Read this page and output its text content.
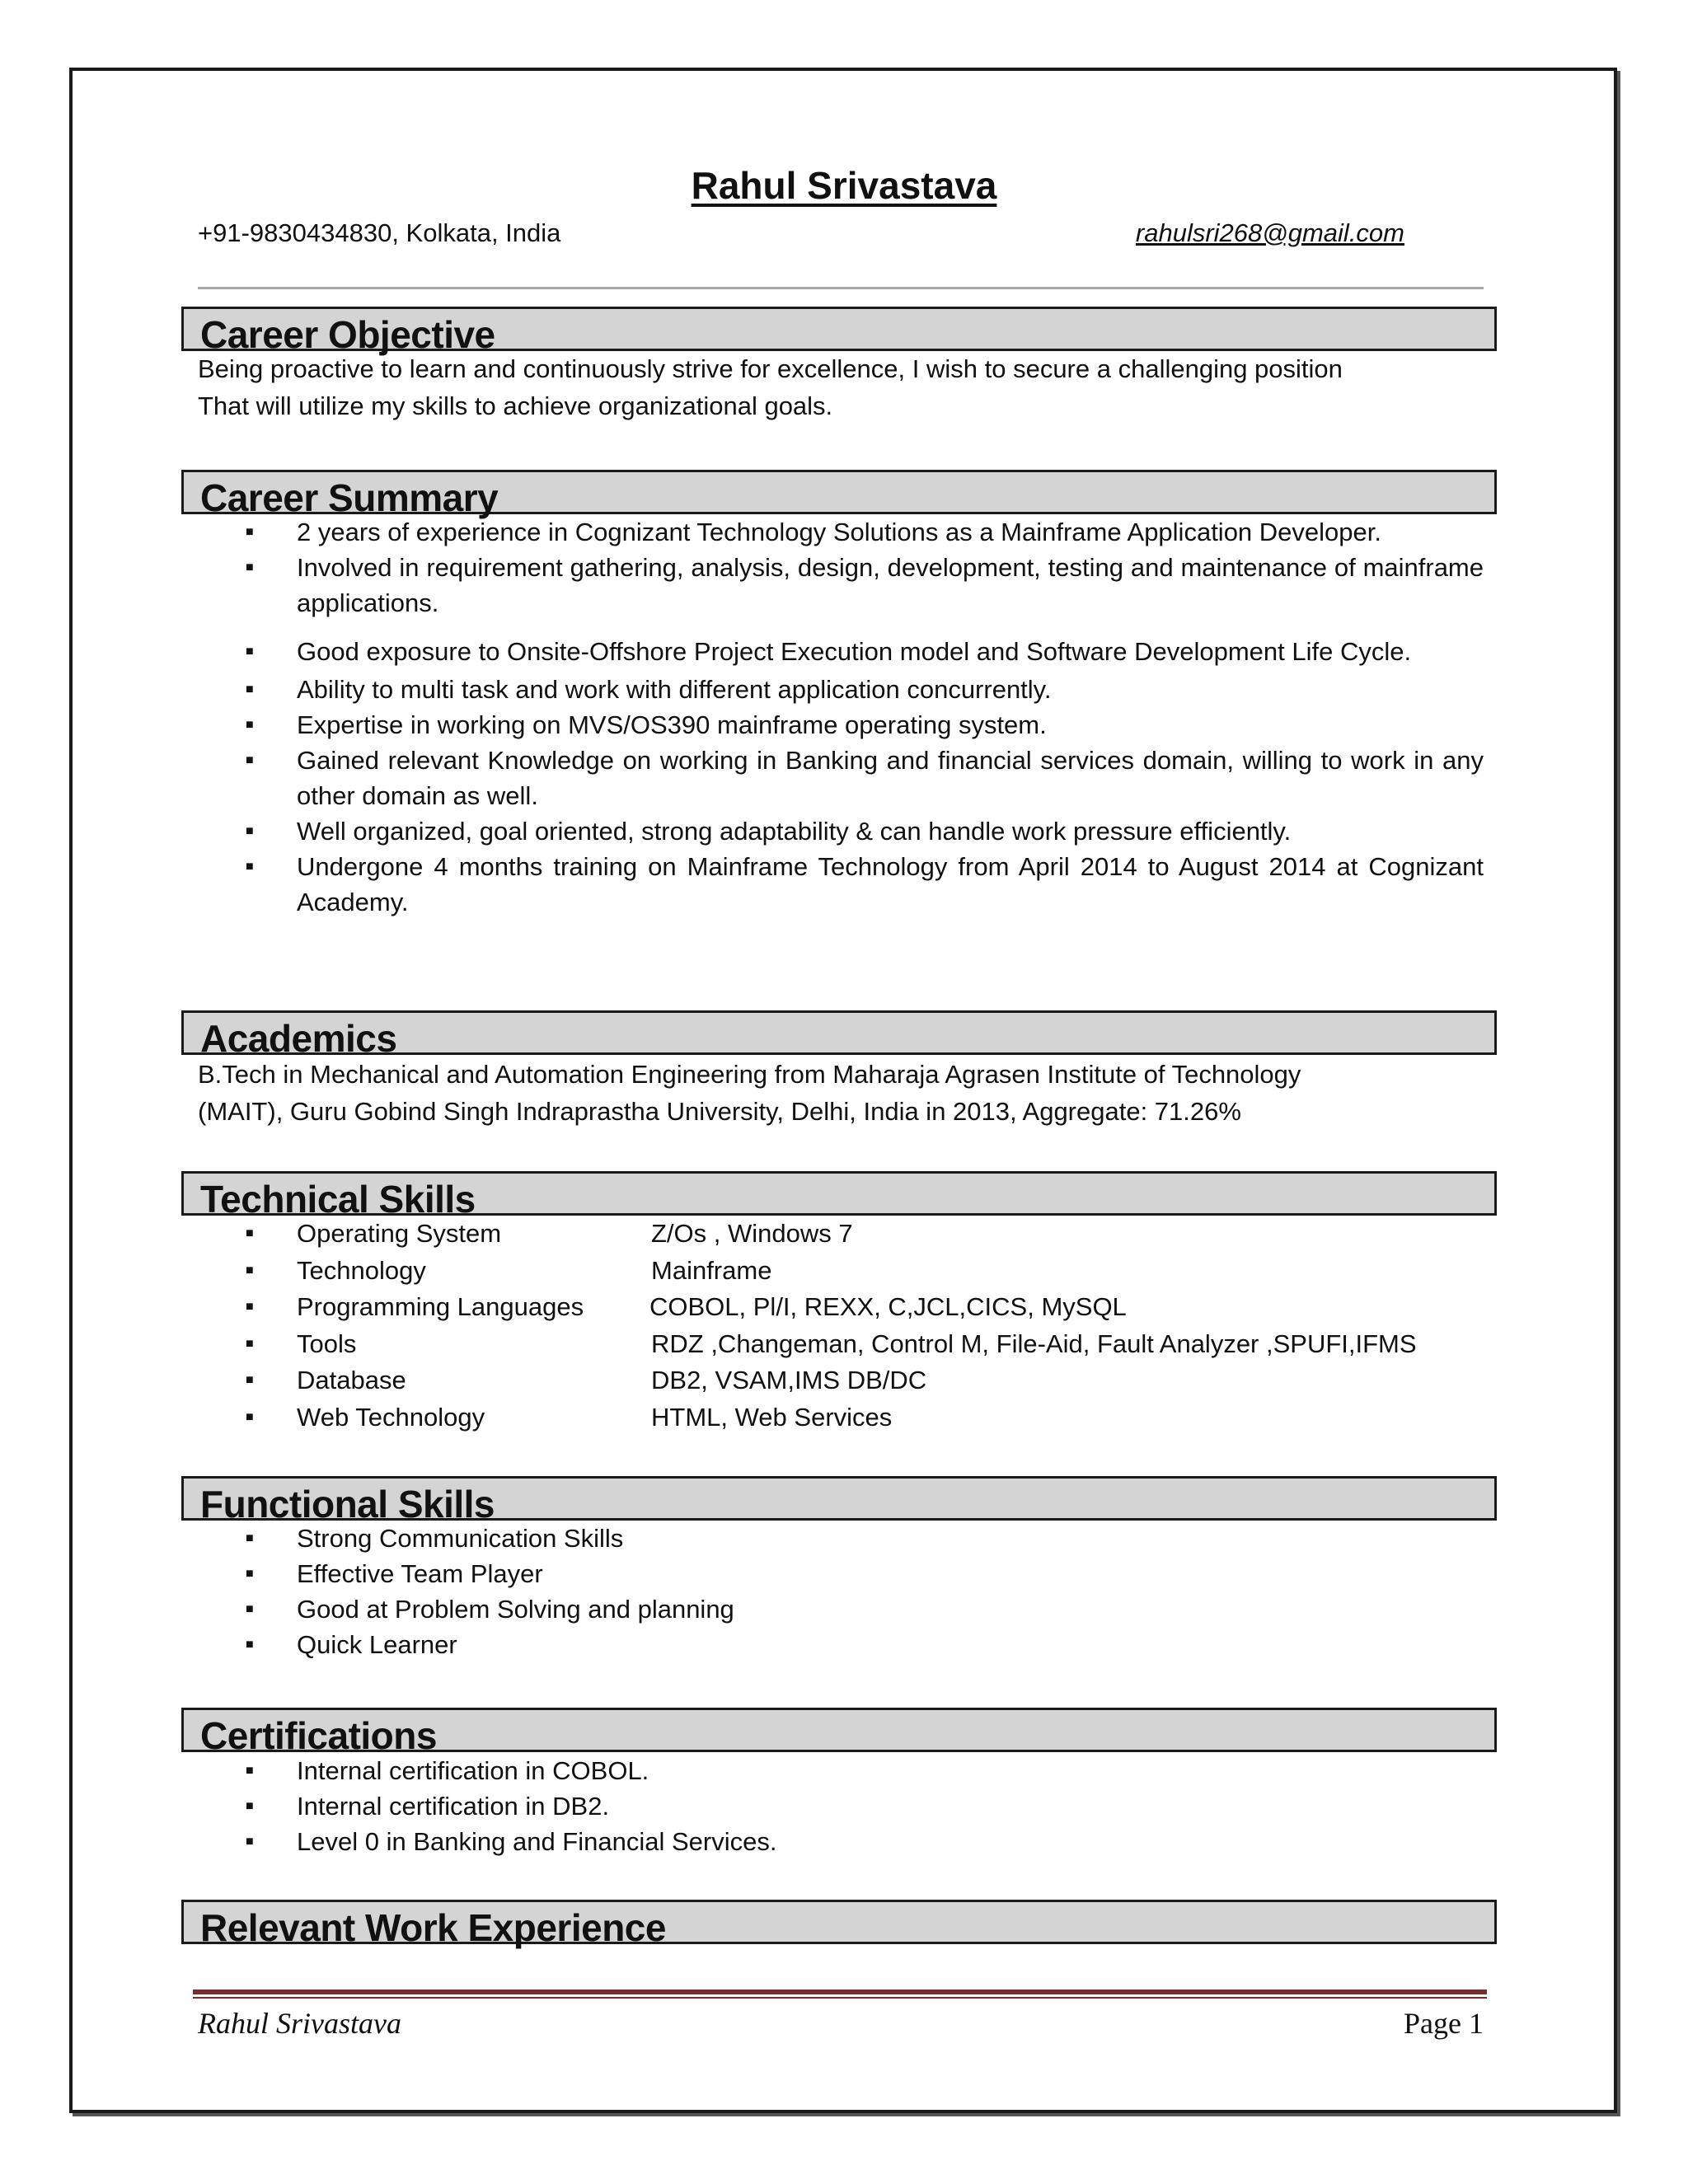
Rahul Srivastava
+91-9830434830, Kolkata, India	rahulsri268@gmail.com
Career Objective
Being proactive to learn and continuously strive for excellence, I wish to secure a challenging position
That will utilize my skills to achieve organizational goals.
Career Summary
■ 2 years of experience in Cognizant Technology Solutions as a Mainframe Application Developer.
■ Involved in requirement gathering, analysis, design, development, testing and maintenance of mainframe applications.
■ Good exposure to Onsite-Offshore Project Execution model and Software Development Life Cycle.
■ Ability to multi task and work with different application concurrently.
■ Expertise in working on MVS/OS390 mainframe operating system.
■ Gained relevant Knowledge on working in Banking and financial services domain, willing to work in any other domain as well.
■ Well organized, goal oriented, strong adaptability & can handle work pressure efficiently.
■ Undergone 4 months training on Mainframe Technology from April 2014 to August 2014 at Cognizant Academy.
Academics
B.Tech in Mechanical and Automation Engineering from Maharaja Agrasen Institute of Technology
(MAIT), Guru Gobind Singh Indraprastha University, Delhi, India in 2013, Aggregate: 71.26%
Technical Skills
■ Operating System	Z/Os , Windows 7
■ Technology	Mainframe
■ Programming Languages	COBOL, Pl/I, REXX, C,JCL,CICS, MySQL
■ Tools	RDZ ,Changeman, Control M, File-Aid, Fault Analyzer ,SPUFI,IFMS
■ Database	DB2, VSAM,IMS DB/DC
■ Web Technology	HTML, Web Services
Functional Skills
■ Strong Communication Skills
■ Effective Team Player
■ Good at Problem Solving and planning
■ Quick Learner
Certifications
■ Internal certification in COBOL.
■ Internal certification in DB2.
■ Level 0 in Banking and Financial Services.
Relevant Work Experience
Rahul Srivastava	Page 1
